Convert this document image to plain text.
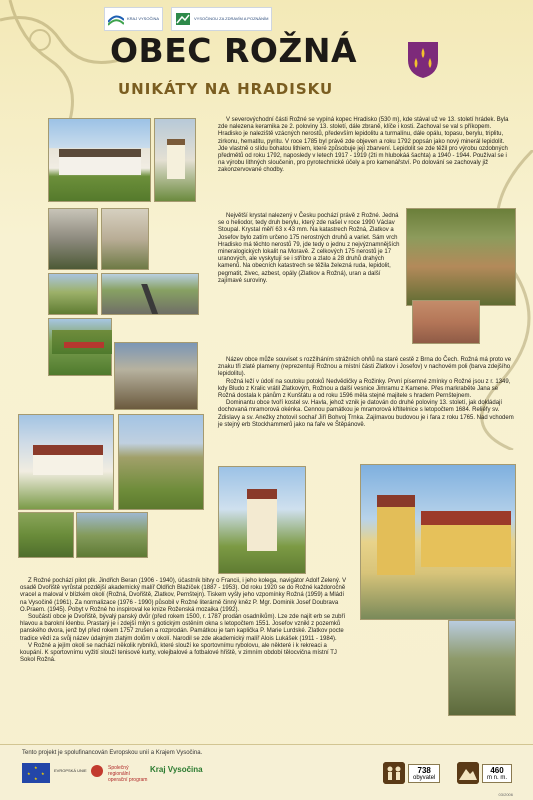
KRAJ VYSOČINA	VYSOČINOU ZA ZDRAVÍM A POZNÁNÍM
OBEC ROŽNÁ
UNIKÁTY NA HRADISKU

V severovýchodní části Rožné se vypíná kopec Hradisko (530 m), kde stával už ve 13. století hrádek. Byla zde nalezena keramika ze 2. poloviny 13. století, dále zbraně, klíče i kosti. Zachoval se val s příkopem. Hradisko je naleziště vzácných nerostů, především lepidolitu a turmalínu, dále opálu, topasu, berylu, triplitu, zirkonu, hematitu, pyritu. V roce 1785 byl právě zde objeven a roku 1792 popsán jako nový minerál lepidolit. Jde vlastně o slídu bohatou lithiem, které způsobuje její zbarvení. Lepidolit se zde těžil pro výrobu ozdobných předmětů od roku 1792, naposledy v letech 1917 - 1919 (2ti m hlubokáá šachta) a 1940 - 1944. Používal se i na výrobu lithných sloučenin, pro pyrotechnické účely a pro kamenářství. Po dolování se zachovaly již zakonzervované chodby.

Největší krystal nalezený v Česku pochází právě z Rožné. Jedná se o heliodor, tedy druh berylu, který zde našel v roce 1990 Václav Stoupal. Krystal měří 63 x 43 mm. Na katastrech Rožná, Zlatkov a Josefov bylo zatím určeno 175 nerostných druhů a variet. Sám vrch Hradisko má těchto nerostů 79, jde tedy o jednu z nejvýznamnějších mineralogických lokalit na Moravě. Z celkových 175 nerostů je 17 uranových, ale vyskytují se i stříbro a zlato a 28 druhů drahých kamenů. Na obecních katastrech se těžila železná ruda, lepidolit, pegmatit, živec, azbest, opály (Zlatkov a Rožná), uran a další zajímavé suroviny.

Název obce může souviset s rozžíháním strážních ohňů na staré cestě z Brna do Čech. Rožná má proto ve znaku tři zlaté plameny (reprezentují Rožnou a místní části Zlatkov i Josefov) v nachovém poli (barva zdejšího lepidolitu).

Rožná leží v údolí na soutoku potoků Nedvědičky a Rožinky. První písemné zmínky o Rožné jsou z r. 1349, kdy Bludo z Kralic vrátil Zlatkovým, Rožnou a další vesnice Jimramu z Kamene. Přes markraběte Jana se Rožná dostala k pánům z Kunštátu a od roku 1596 měla stejné majitele s hradem Pernštejnem.

Dominantu obce tvoří kostel sv. Havla, jehož vznik je datován do druhé poloviny 13. století, jak dokládají dochovaná mramorová okénka. Cennou památkou je mramorová křtitelnice s letopočtem 1684. Reliéfy sv. Zdislavy a sv. Anežky zhotovil sochař Jiří Bohvoj Trnka. Zajímavou budovou je i fara z roku 1765. Nad vchodem je stejný erb Stockhammerů jako na faře ve Štěpánově.

Z Rožné pochází pilot plk. Jindřich Beran (1906 - 1940), účastník bitvy o Francii, i jeho kolega, navigátor Adolf Zelený. V osadě Dvořiště vyrůstal pozdější akademický malíř Oldřich Blažíček (1887 - 1953). Od roku 1920 se do Rožné každoročně vracel a maloval v blízkém okolí (Rožná, Dvořiště, Zlatkov, Pernštejn). Tiskem vyšly jeho vzpomínky Rožná (1959) a Mládí na Vysočině (1961). Za normalizace (1976 - 1990) působil v Rožné literárně činný kněz P. Mgr. Dominik Josef Doubrava O.Praem. (1945). Pobyt v Rožné ho inspiroval ke knize Roženská mozaika (1992).

Součástí obce je Dvořiště, bývalý panský dvůr (před rokem 1500, r. 1787 prodán osadníkům). Lze zde najít erb se zubří hlavou a barokní klenbu. Prastarý je i zdejší mlýn s gotickým ostěním okna s letopočtem 1551. Josefov vznikl z pozemků panského dvora, jenž byl před rokem 1757 zrušen a rozprodán. Památkou je tam kaplička P. Marie Lurdské. Zlatkov pocte tradice vědí za svůj název údajným zlatým dolům v okolí. Narodil se zde akademický malíř Alois Lukášek (1911 - 1984).

V Rožné a jejím okolí se nachází několik rybníků, které slouží ke sportovnímu rybolovu, ale některé i k rekreaci a koupání. K sportovnímu vyžití slouží tenisové kurty, volejbalové a fotbalové hřiště, v zimním období tělocvična místní TJ Sokol Rožná.

Tento projekt je spolufinancován Evropskou unií a Krajem Vysočina.
★
★	★
★
EVROPSKÁ UNIE	Společný regionální operační program
Kraj Vysočina	738
obyvatel
460
m n. m.
03/2006
